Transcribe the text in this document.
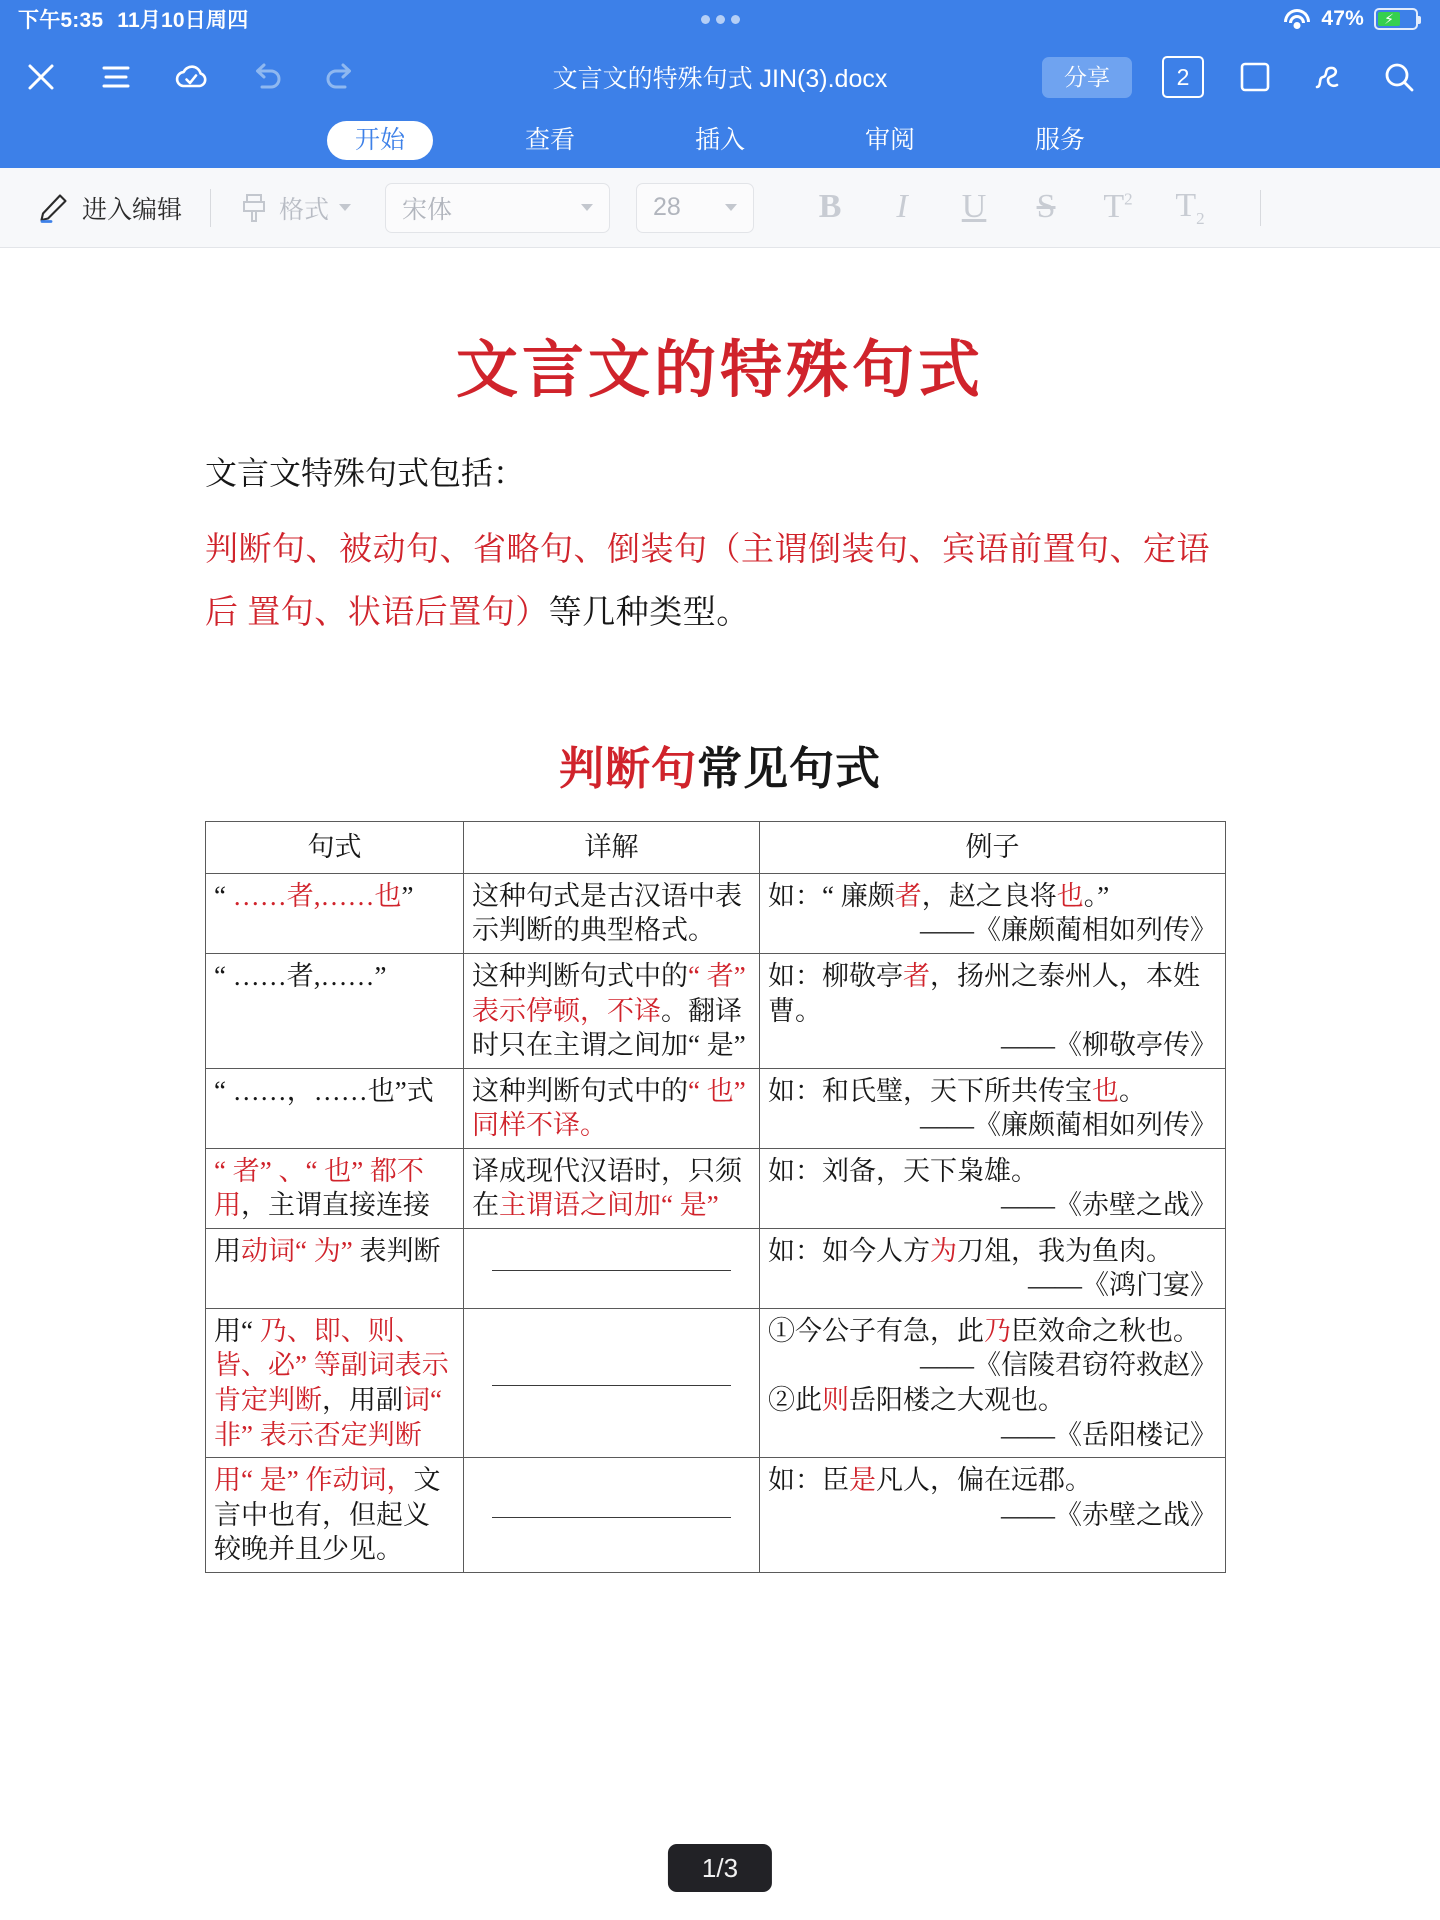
下午5:35 11月10日周四	47% ⚡
文言文的特殊句式 JIN(3).docx	分享	2
开始	查看	插入	审阅	服务
进入编辑	格式	宋体	28	B	I	U	S	$T^2$	$T_2$
文言文的特殊句式
文言文特殊句式包括：
判断句、被动句、省略句、倒装句（主谓倒装句、宾语前置句、定语
后 置句、状语后置句）等几种类型。
判断句常见句式
句式	详解	例子
“ ……者,……也”	这种句式是古汉语中表示判断的典型格式。	如：“ 廉颇者，赵之良将也。”
——《廉颇蔺相如列传》

“ ……者,……”	这种判断句式中的“ 者” 表示停顿，不译。翻译时只在主谓之间加“ 是”	如：柳敬亭者，扬州之泰州人，本姓曹。
——《柳敬亭传》

“ ……，……也”式	这种判断句式中的“ 也” 同样不译。	如：和氏璧，天下所共传宝也。
——《廉颇蔺相如列传》

“ 者” 、“ 也” 都不用，主谓直接连接	译成现代汉语时，只须在主谓语之间加“ 是”	如：刘备，天下枭雄。
——《赤壁之战》

用动词“ 为” 表判断		如：如今人方为刀俎，我为鱼肉。
——《鸿门宴》

用“ 乃、即、则、皆、必” 等副词表示肯定判断，用副词“ 非” 表示否定判断		①今公子有急，此乃臣效命之秋也。
——《信陵君窃符救赵》
②此则岳阳楼之大观也。
——《岳阳楼记》

用“ 是” 作动词，文言中也有，但起义较晚并且少见。		如：臣是凡人，偏在远郡。
——《赤壁之战》
1/3
